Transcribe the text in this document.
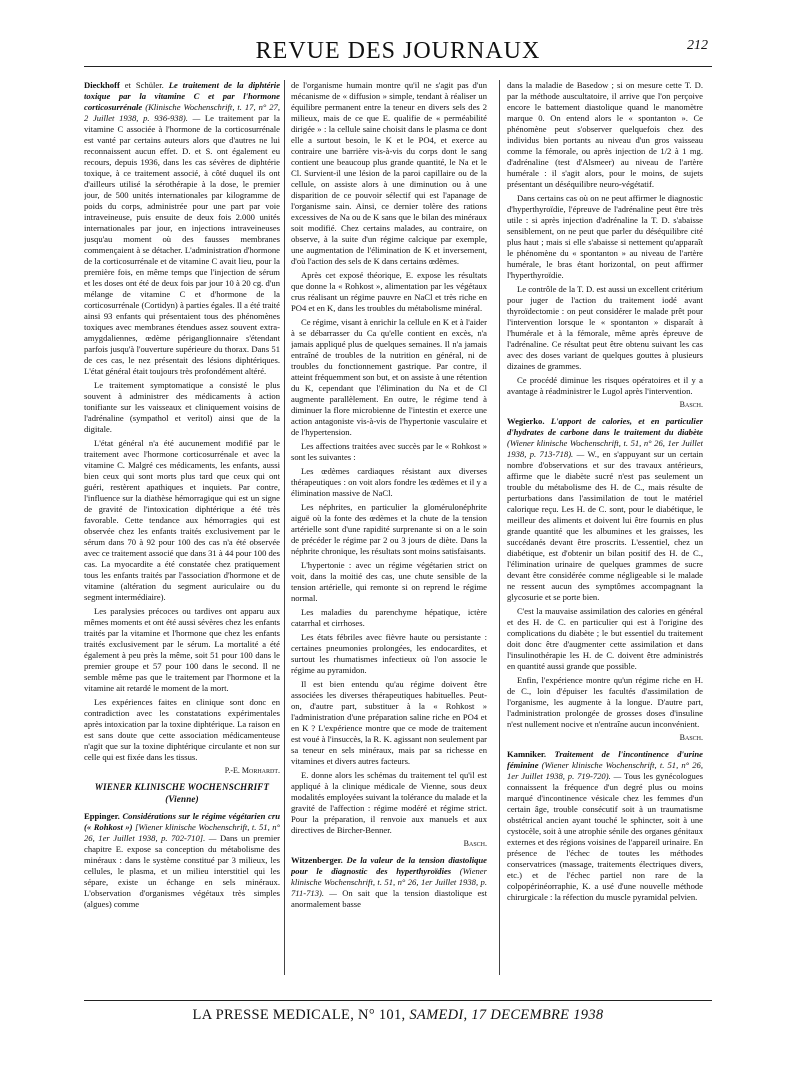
REVUE DES JOURNAUX	212

Dieckhoff et Schüler. Le traitement de la diphtérie toxique par la vitamine C et par l'hormone corticosurrénale (Klinische Wochenschrift, t. 17, n° 27, 2 Juillet 1938, p. 936-938). — Le traitement par la vitamine C associée à l'hormone de la corticosurrénale est vanté par certains auteurs alors que d'autres ne lui reconnaissent aucun effet. D. et S. ont également eu recours, depuis 1936, dans les cas sévères de diphtérie toxique, à ce traitement associé, à côté duquel ils ont d'ailleurs utilisé la sérothérapie à la dose, le premier jour, de 500 unités internationales par kilogramme de poids du corps, administrée pour une part par voie intraveineuse, puis ensuite de deux fois 2.000 unités internationales par jour, en injections intraveineuses jusqu'au moment où des fausses membranes commençaient à se détacher. L'administration d'hormone de la corticosurrénale et de vitamine C avait lieu, pour la première fois, en même temps que l'injection de sérum et les doses ont été de deux fois par jour 10 à 20 cg. d'un mélange de vitamine C et d'hormone de la corticosurrénale (Cortidyn) à parties égales. Il a été traité ainsi 93 enfants qui présentaient tous des phénomènes toxiques avec membranes étendues assez souvent extra-amygdaliennes, œdème périganglionnaire s'étendant parfois jusqu'à l'ouverture supérieure du thorax. Dans 51 de ces cas, le nez présentait des lésions diphtériques. L'état général était toujours très profondément altéré.

Le traitement symptomatique a consisté le plus souvent à administrer des médicaments à action tonifiante sur les vaisseaux et cliniquement voisins de l'adrénaline (sympathol et veritol) ainsi que de la digitale.

L'état général n'a été aucunement modifié par le traitement avec l'hormone corticosurrénale et avec la vitamine C. Malgré ces médicaments, les enfants, aussi bien ceux qui sont morts plus tard que ceux qui ont guéri, restèrent apathiques et inquiets. Par contre, l'influence sur la diathèse hémorragique qui est un signe de gravité de l'intoxication diphtérique a été très favorable. Cette tendance aux hémorragies qui est observée chez les enfants traités exclusivement par le sérum dans 70 à 92 pour 100 des cas n'a été observée avec ce traitement associé que dans 31 à 44 pour 100 des cas. La myocardite a été constatée chez pratiquement tous les enfants traités par l'association d'hormone et de vitamine (altération du segment auriculaire ou du segment intermédiaire).

Les paralysies précoces ou tardives ont apparu aux mêmes moments et ont été aussi sévères chez les enfants traités par la vitamine et l'hormone que chez les enfants traités exclusivement par le sérum. La mortalité a été également à peu près la même, soit 51 pour 100 dans le premier groupe et 57 pour 100 dans le second. Il ne semble même pas que le traitement par l'hormone et la vitamine ait retardé le moment de la mort.

Les expériences faites en clinique sont donc en contradiction avec les constatations expérimentales après intoxication par la toxine diphtérique. La raison en est sans doute que cette association médicamenteuse n'agit que sur la toxine diphtérique circulante et non sur celle qui est fixée dans les tissus.

P.-E. Morhardt.
WIENER KLINISCHE WOCHENSCHRIFT
(Vienne)

Eppinger. Considérations sur le régime végétarien cru (« Rohkost ») [Wiener klinische Wochenschrift, t. 51, n° 26, 1er Juillet 1938, p. 702-710]. — Dans un premier chapitre E. expose sa conception du métabolisme des minéraux : dans le système constitué par 3 milieux, les cellules, le plasma, et un milieu interstitiel qui les sépare, existe un échange en sels minéraux. L'observation d'organismes végétaux très simples (algues) comme

de l'organisme humain montre qu'il ne s'agit pas d'un mécanisme de « diffusion » simple, tendant à réaliser un équilibre permanent entre la teneur en divers sels des 2 milieux, mais de ce que E. qualifie de « perméabilité dirigée » : la cellule saine choisit dans le plasma ce dont elle a surtout besoin, le K et le PO4, et exerce au contraire une barrière vis-à-vis du corps dont le sang contient une beaucoup plus grande quantité, le Na et le Cl. Survient-il une lésion de la paroi capillaire ou de la cellule, on assiste alors à une diminution ou à une disparition de ce pouvoir sélectif qui est l'apanage de l'organisme sain. Ainsi, ce dernier tolère des rations excessives de Na ou de K sans que le bilan des minéraux soit modifié. Chez certains malades, au contraire, on observe, à la suite d'un régime calcique par exemple, une augmentation de l'élimination de K et inversement, d'où l'action des sels de K dans certains œdèmes.

Après cet exposé théorique, E. expose les résultats que donne la « Rohkost », alimentation par les végétaux crus réalisant un régime pauvre en NaCl et très riche en PO4 et en K, dans les troubles du métabolisme minéral.

Ce régime, visant à enrichir la cellule en K et à l'aider à se débarrasser du Ca qu'elle contient en excès, n'a jamais appliqué plus de quelques semaines. Il n'a jamais entraîné de troubles de la nutrition en général, ni de troubles du fonctionnement gastrique. Par contre, il atteint fréquemment son but, et on assiste à une rétention du K, cependant que l'élimination du Na et de Cl augmente parallèlement. En outre, le régime tend à diminuer la flore microbienne de l'intestin et exerce une action antagoniste vis-à-vis de l'hypertonie vasculaire et de l'hypertension.

Les affections traitées avec succès par le « Rohkost » sont les suivantes :

Les œdèmes cardiaques résistant aux diverses thérapeutiques : on voit alors fondre les œdèmes et il y a élimination massive de NaCl.

Les néphrites, en particulier la glomérulonéphrite aiguë où la fonte des œdèmes et la chute de la tension artérielle sont d'une rapidité surprenante si on a le soin de précéder le régime par 2 ou 3 jours de diète. Dans la néphrite chronique, les résultats sont moins satisfaisants.

L'hypertonie : avec un régime végétarien strict on voit, dans la moitié des cas, une chute sensible de la tension artérielle, qui remonte si on reprend le régime normal.

Les maladies du parenchyme hépatique, ictère catarrhal et cirrhoses.

Les états fébriles avec fièvre haute ou persistante : certaines pneumonies prolongées, les endocardites, et surtout les rhumatismes infectieux où l'on associe le régime au pyramidon.

Il est bien entendu qu'au régime doivent être associées les diverses thérapeutiques habituelles. Peut-on, d'autre part, substituer à la « Rohkost » l'administration d'une préparation saline riche en PO4 et en K ? L'expérience montre que ce mode de traitement est voué à l'insuccès, la R. K. agissant non seulement par sa teneur en sels minéraux, mais par sa richesse en vitamines et divers autres facteurs.

E. donne alors les schémas du traitement tel qu'il est appliqué à la clinique médicale de Vienne, sous deux modalités employées suivant la tolérance du malade et la gravité de l'affection : régime modéré et régime strict. Pour la préparation, il renvoie aux manuels et aux directives de Bircher-Benner.

Basch.

Witzenberger. De la valeur de la tension diastolique pour le diagnostic des hyperthyroïdies (Wiener klinische Wochenschrift, t. 51, n° 26, 1er Juillet 1938, p. 711-713). — On sait que la tension diastolique est anormalement basse

dans la maladie de Basedow ; si on mesure cette T. D. par la méthode auscultatoire, il arrive que l'on perçoive encore le battement diastolique quand le manomètre marque 0. On entend alors le « spontanton ». Ce phénomène peut s'observer quelquefois chez des individus bien portants au niveau d'un gros vaisseau comme la fémorale, ou après injection de 1/2 à 1 mg. d'adrénaline (test d'Alsmeer) au niveau de l'artère humérale : il s'agit alors, pour le moins, de sujets présentant un déséquilibre neuro-végétatif.

Dans certains cas où on ne peut affirmer le diagnostic d'hyperthyroïdie, l'épreuve de l'adrénaline peut être très utile : si après injection d'adrénaline la T. D. s'abaisse sensiblement, on ne peut que parler du déséquilibre cité plus haut ; mais si elle s'abaisse si nettement qu'apparaît le phénomène du « spontanton » au niveau de l'artère humérale, le bras étant horizontal, on peut affirmer l'hyperthyroïdie.

Le contrôle de la T. D. est aussi un excellent critérium pour juger de l'action du traitement iodé avant thyroïdectomie : on peut considérer le malade prêt pour l'intervention lorsque le « spontanton » disparaît à l'humérale et à la fémorale, même après épreuve de l'adrénaline. Ce résultat peut être obtenu suivant les cas avec des doses variant de quelques gouttes à plusieurs dizaines de grammes.

Ce procédé diminue les risques opératoires et il y a avantage à réadministrer le Lugol après l'intervention.

Basch.

Wegierko. L'apport de calories, et en particulier d'hydrates de carbone dans le traitement du diabète (Wiener klinische Wochenschrift, t. 51, n° 26, 1er Juillet 1938, p. 713-718). — W., en s'appuyant sur un certain nombre d'observations et sur des travaux antérieurs, affirme que le diabète sucré n'est pas seulement un trouble du métabolisme des H. de C., mais résulte de perturbations dans l'assimilation de tout le matériel calorique reçu. Les H. de C. sont, pour le diabétique, le meilleur des aliments et doivent lui être fournis en plus grande quantité que les albumines et les graisses, les succédanés devant être proscrits. L'essentiel, chez un diabétique, est d'obtenir un bilan positif des H. de C., l'élimination urinaire de quelques grammes de sucre devant être considérée comme négligeable si le malade ne ressent aucun des symptômes accompagnant la glycosurie et se porte bien.

C'est la mauvaise assimilation des calories en général et des H. de C. en particulier qui est à l'origine des complications du diabète ; le but essentiel du traitement doit donc être d'augmenter cette assimilation et dans l'insulinothérapie les H. de C. doivent être administrés en quantité aussi grande que possible.

Enfin, l'expérience montre qu'un régime riche en H. de C., loin d'épuiser les facultés d'assimilation de l'organisme, les augmente à la longue. D'autre part, l'administration prolongée de grosses doses d'insuline n'est nullement nocive et n'entraîne aucun inconvénient.

Basch.

Kamniker. Traitement de l'incontinence d'urine féminine (Wiener klinische Wochenschrift, t. 51, n° 26, 1er Juillet 1938, p. 719-720). — Tous les gynécologues connaissent la fréquence d'un degré plus ou moins marqué d'incontinence vésicale chez les femmes d'un certain âge, trouble consécutif soit à un traumatisme obstétrical ancien ayant touché le sphincter, soit à une cystocèle, soit à une atrophie sénile des organes génitaux externes et des régions voisines de l'appareil urinaire. En présence de l'échec de toutes les méthodes conservatrices (massage, traitements électriques divers, etc.) et de l'échec partiel non rare de la colpopérinéorraphie, K. a usé d'une nouvelle méthode chirurgicale : la réfection du muscle pyramidal pelvien.

LA PRESSE MEDICALE, N° 101, SAMEDI, 17 DECEMBRE 1938
